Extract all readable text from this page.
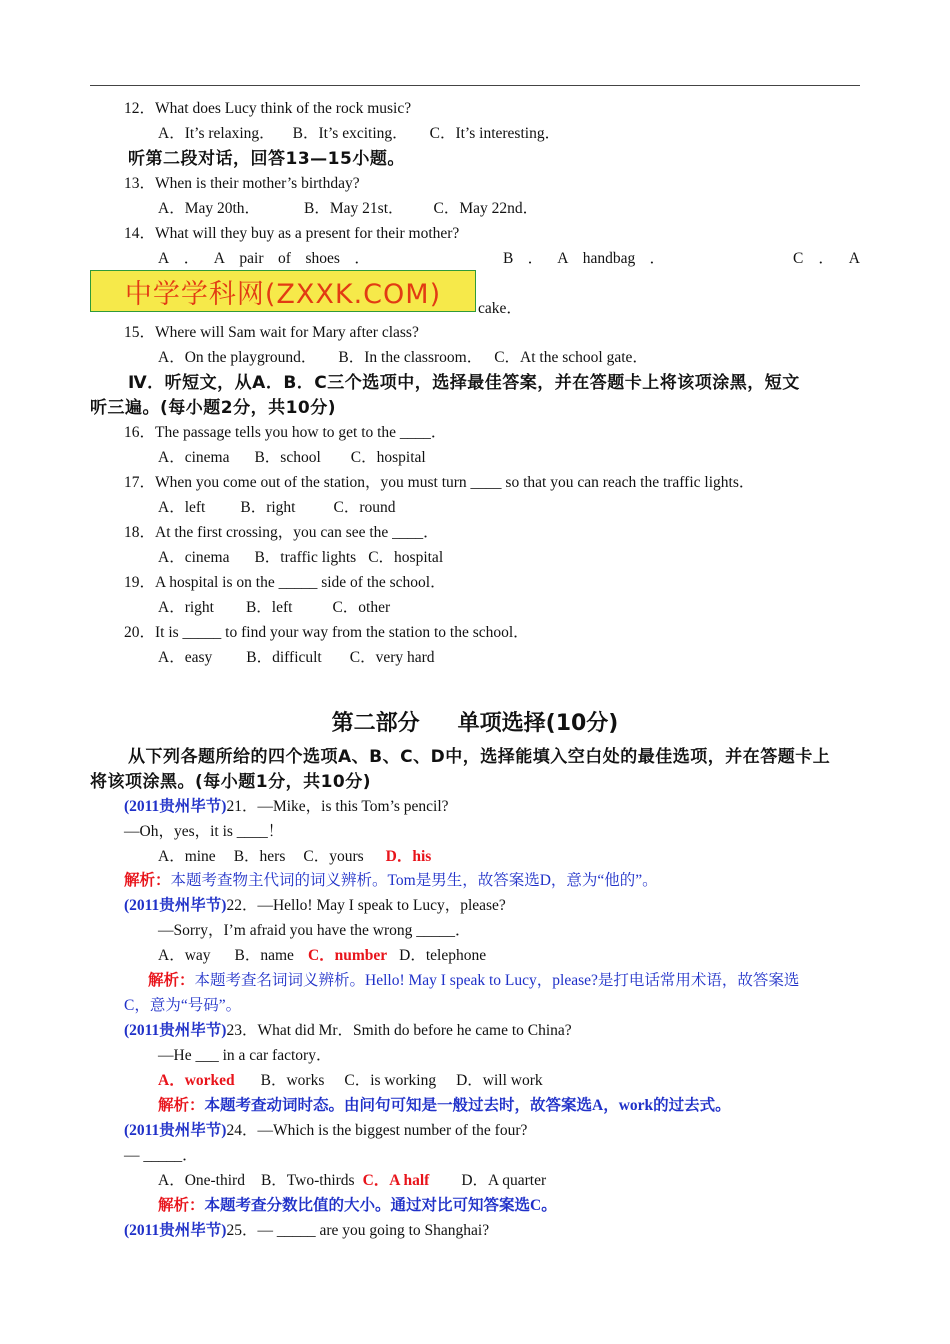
12．What does Lucy think of the rock music?
A．It’s relaxing． B．It’s exciting． C．It’s interesting．
听第二段对话，回答13—15小题。
13．When is their mother’s birthday?
A．May 20th．	B．May 21st． C．May 22nd．
14．What will they buy as a present for their mother?
A ． A pair of shoes ．	B ． A handbag ．	C ． A
中学学科网(ZXXK.COM)	cake．
15．Where will Sam wait for Mary after class?
A．On the playground． B．In the classroom． C．At the school gate．
Ⅳ．听短文，从A．B．C三个选项中，选择最佳答案，并在答题卡上将该项涂黑，短文
听三遍。(每小题2分，共10分)
16．The passage tells you how to get to the ____．
A．cinema B．school C．hospital
17．When you come out of the station，you must turn ____ so that you can reach the traffic lights．
A．left B．right C．round
18．At the first crossing，you can see the ____．
A．cinema B．traffic lights C．hospital
19．A hospital is on the _____ side of the school．
A．right B．left	C．other
20．It is _____ to find your way from the station to the school．
A．easy B．difficult C．very hard
第二部分 单项选择(10分)
从下列各题所给的四个选项A、B、C、D中，选择能填入空白处的最佳选项，并在答题卡上
将该项涂黑。(每小题1分，共10分)
(2011贵州毕节)21．—Mike，is this Tom’s pencil?
—Oh，yes，it is ____！
A．mine B．hers C．yours D．his
解析：本题考查物主代词的词义辨析。Tom是男生，故答案选D，意为“他的”。
(2011贵州毕节)22．—Hello! May I speak to Lucy，please?
—Sorry，I’m afraid you have the wrong _____．
A．way B．name C．number D．telephone
解析：本题考查名词词义辨析。Hello! May I speak to Lucy，please?是打电话常用术语，故答案选
C，意为“号码”。
(2011贵州毕节)23．What did Mr．Smith do before he came to China?
—He ___ in a car factory．
A．worked B．works C．is working D．will work
解析：本题考查动词时态。由问句可知是一般过去时，故答案选A，work的过去式。
(2011贵州毕节)24．—Which is the biggest number of the four?
— _____．
A．One-third B．Two-thirds C．A half D．A quarter
解析：本题考查分数比值的大小。通过对比可知答案选C。
(2011贵州毕节)25．— _____ are you going to Shanghai?
